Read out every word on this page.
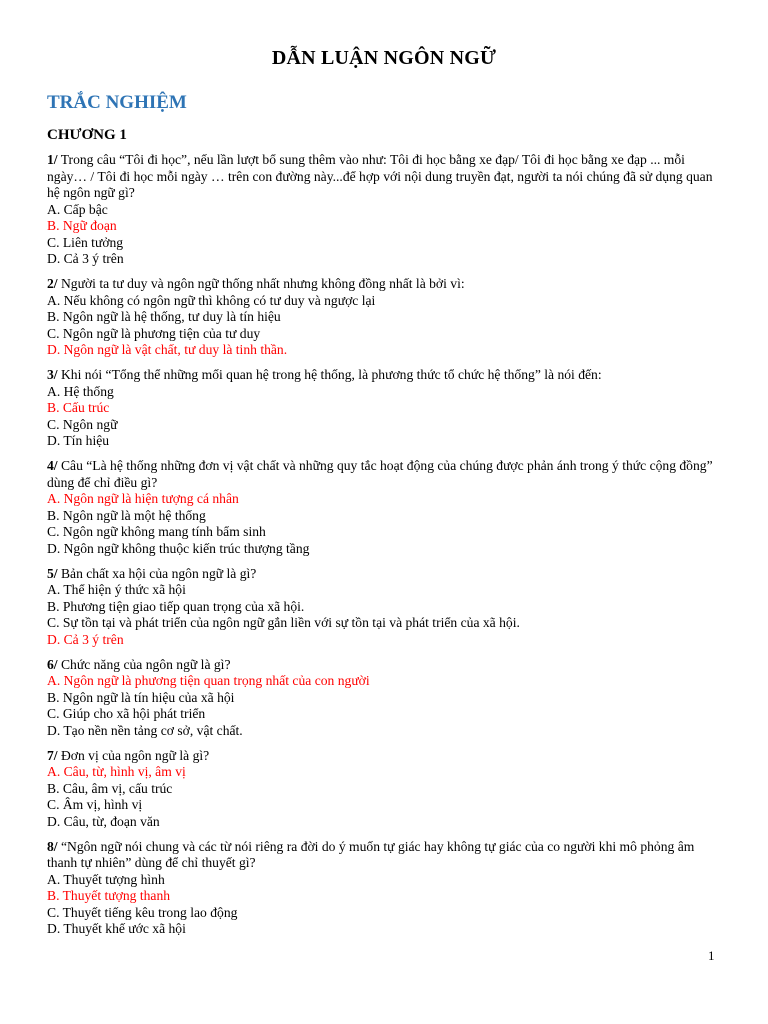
DẪN LUẬN NGÔN NGỮ
TRẮC NGHIỆM
CHƯƠNG 1
1/ Trong câu “Tôi đi học”, nếu lần lượt bổ sung thêm vào như: Tôi đi học bằng xe đạp/ Tôi đi học bằng xe đạp ... mỗi ngày… / Tôi đi học mỗi ngày … trên con đường này...để hợp với nội dung truyền đạt, người ta nói chúng đã sử dụng quan hệ ngôn ngữ gì?
A. Cấp bậc
B. Ngữ đoạn
C. Liên tưởng
D. Cả 3 ý trên
2/ Người ta tư duy và ngôn ngữ thống nhất nhưng không đồng nhất là bởi vì:
A. Nếu không có ngôn ngữ thì không có tư duy và ngược lại
B. Ngôn ngữ là hệ thống, tư duy là tín hiệu
C. Ngôn ngữ là phương tiện của tư duy
D. Ngôn ngữ là vật chất, tư duy là tinh thần.
3/ Khi nói “Tổng thể những mối quan hệ trong hệ thống, là phương thức tổ chức hệ thống” là nói đến:
A. Hệ thống
B. Cấu trúc
C. Ngôn ngữ
D. Tín hiệu
4/ Câu “Là hệ thống những đơn vị vật chất và những quy tắc hoạt động của chúng được phản ánh trong ý thức cộng đồng” dùng để chỉ điều gì?
A. Ngôn ngữ là hiện tượng cá nhân
B. Ngôn ngữ là một hệ thống
C. Ngôn ngữ không mang tính bẩm sinh
D. Ngôn ngữ không thuộc kiến trúc thượng tầng
5/ Bản chất xa hội của ngôn ngữ là gì?
A. Thể hiện ý thức xã hội
B. Phương tiện giao tiếp quan trọng của xã hội.
C. Sự tồn tại và phát triển của ngôn ngữ gắn liền với sự tồn tại và phát triển của xã hội.
D. Cả 3 ý trên
6/ Chức năng của ngôn ngữ là gì?
A. Ngôn ngữ là phương tiện quan trọng nhất của con người
B. Ngôn ngữ là tín hiệu của xã hội
C. Giúp cho xã hội phát triển
D. Tạo nền nền tảng cơ sở, vật chất.
7/ Đơn vị của ngôn ngữ là gì?
A. Câu, từ, hình vị, âm vị
B. Câu, âm vị, cấu trúc
C. Âm vị, hình vị
D. Câu, từ, đoạn văn
8/ “Ngôn ngữ nói chung và các từ nói riêng ra đời do ý muốn tự giác hay không tự giác của co người khi mô phỏng âm thanh tự nhiên” dùng để chỉ thuyết gì?
A. Thuyết tượng hình
B. Thuyết tượng thanh
C. Thuyết tiếng kêu trong lao động
D. Thuyết khế ước xã hội
1
